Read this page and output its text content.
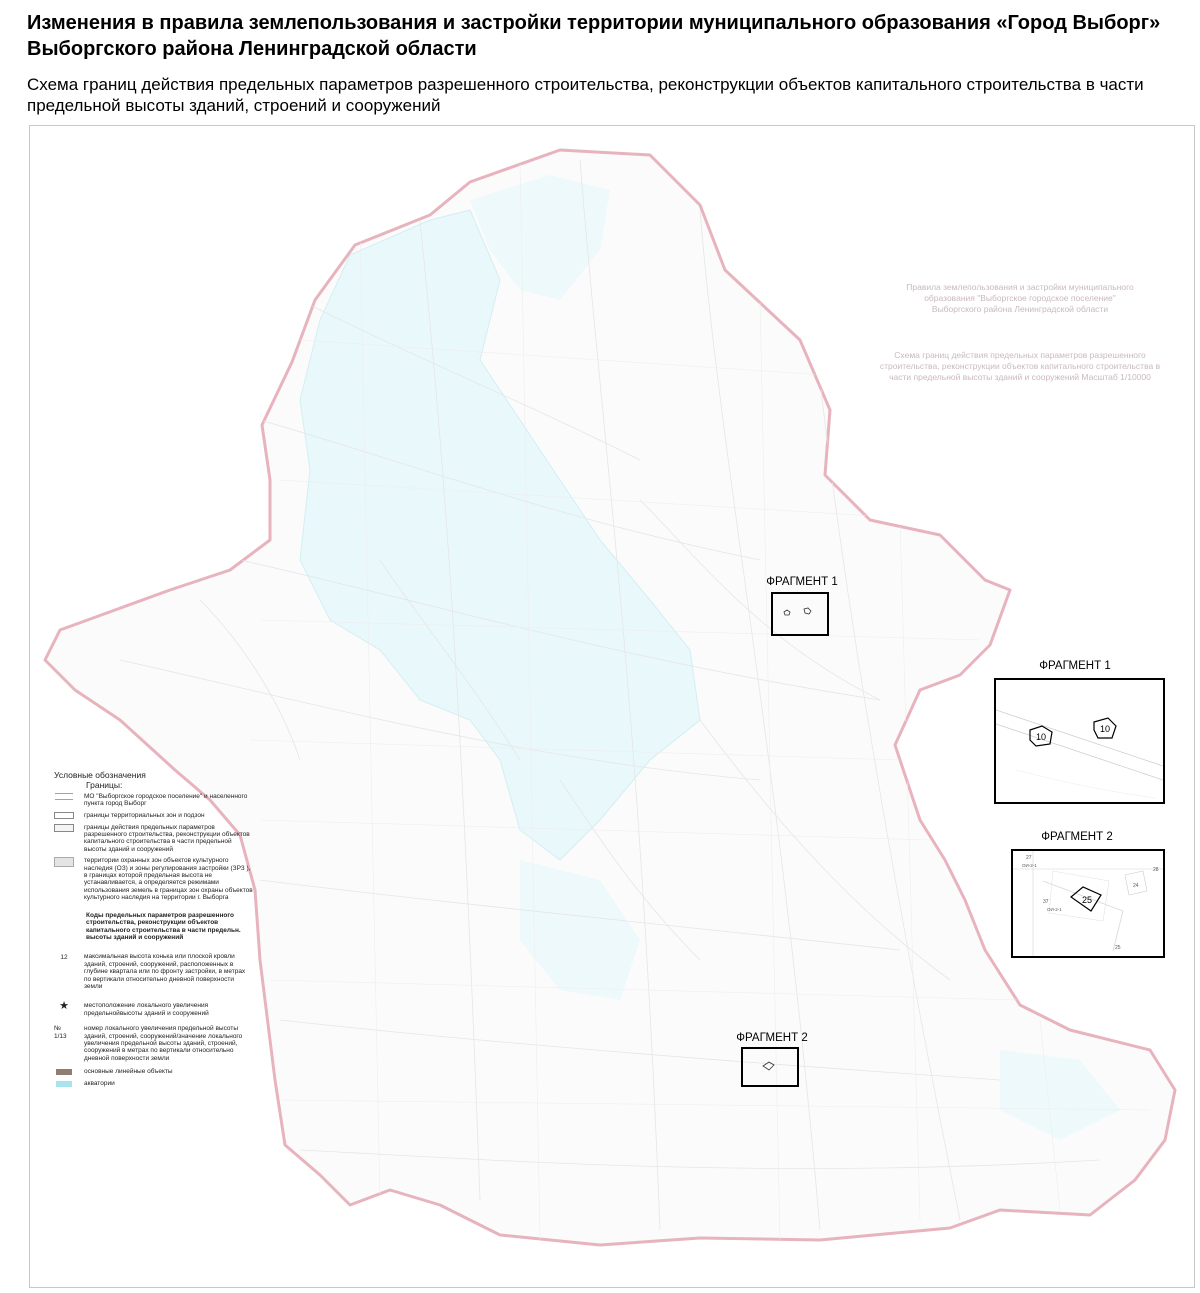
Изменения в правила землепользования и застройки территории муниципального образования «Город Выборг» Выборгского района Ленинградской области
Схема границ действия предельных параметров разрешенного строительства, реконструкции объектов капитального строительства в части предельной высоты зданий, строений и сооружений
Правила землепользования и застройки муниципального образования "Выборгское городское поселение" Выборгского района Ленинградской области
Схема границ действия предельных параметров разрешенного строительства, реконструкции объектов капитального строительства в части предельной высоты зданий и сооружений Масштаб 1/10000
ФРАГМЕНТ 1
ФРАГМЕНТ 2
ФРАГМЕНТ 1
10
10
ФРАГМЕНТ 2
27
ОИ-2-1
37
ОИ-2-1
24
28
25
25
Условные обозначения
Границы:
МО "Выборгское городское поселение" и населенного пункта город Выборг
границы территориальных зон и подзон
границы действия предельных параметров разрешенного строительства, реконструкции объектов капитального строительства в части предельной высоты зданий и сооружений
территории охранных зон объектов культурного наследия (ОЗ) и зоны регулирования застройки (ЗРЗ ), в границах которой предельная высота не устанавливается, а определяется режимами использования земель в границах зон охраны объектов культурного наследия на территории г. Выборга
Коды предельных параметров разрешенного строительства, реконструкции объектов капитального строительства в части предельн. высоты зданий и сооружений
12	максимальная высота конька или плоской кровли зданий, строений, сооружений, расположенных в глубине квартала или по фронту застройки, в метрах по вертикали относительно дневной поверхности земли
★	местоположение локального увеличения предельнойвысоты зданий и сооружений
№ 1/13
номер локального увеличения предельной высоты зданий, строений, сооружений/значение локального увеличения предельной высоты зданий, строений, сооружений в метрах по вертикали относительно дневной поверхности земли
основные линейные объекты
акватории
